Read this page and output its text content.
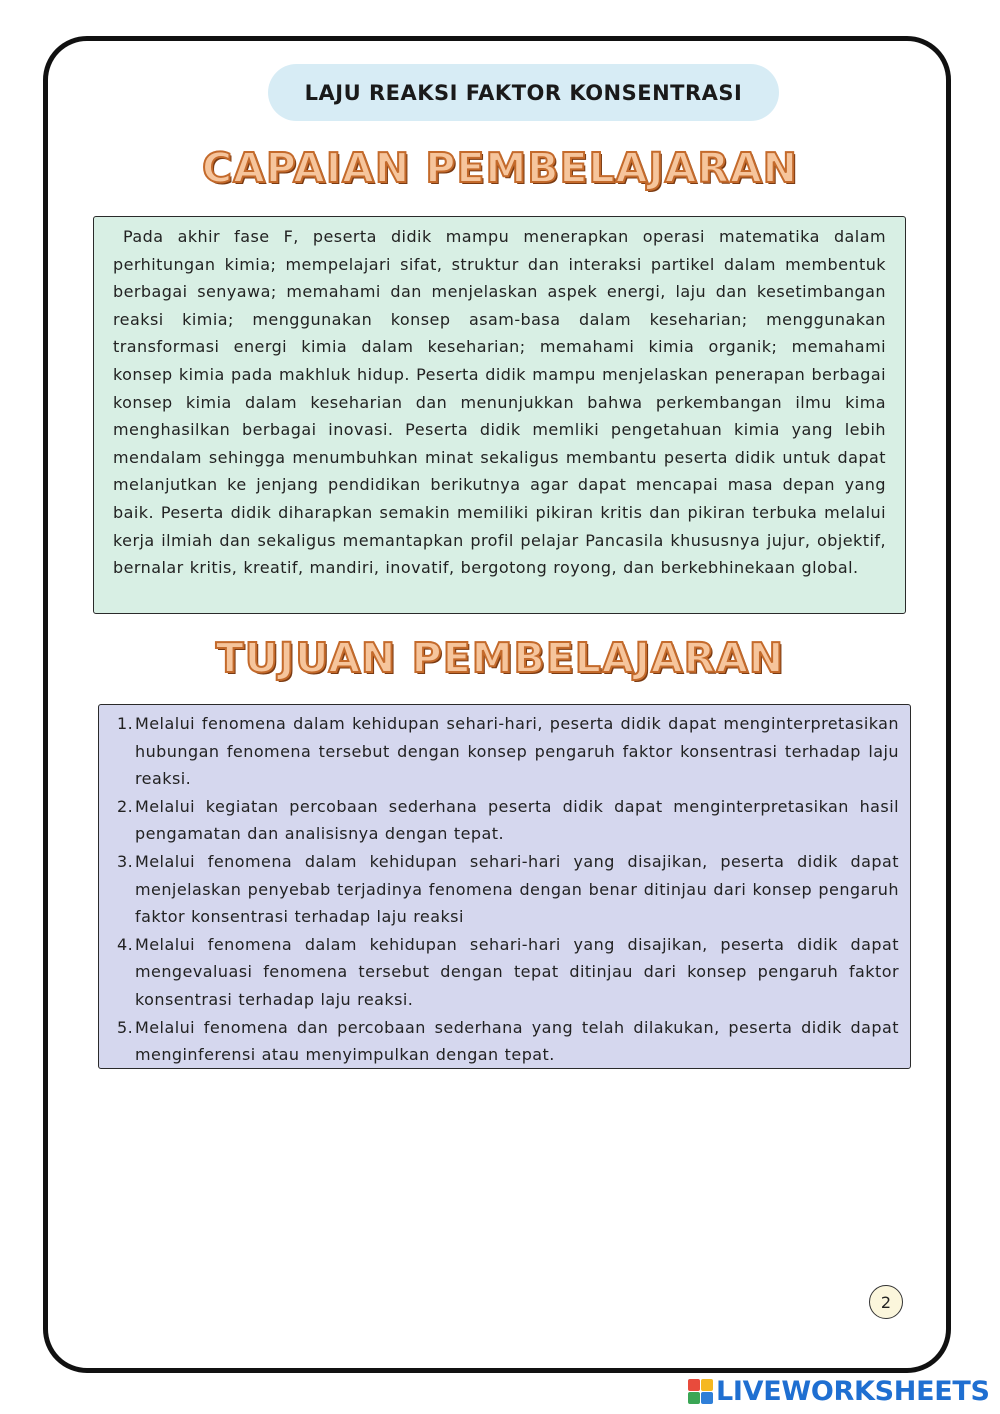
LAJU REAKSI FAKTOR KONSENTRASI
CAPAIAN PEMBELAJARAN

Pada akhir fase F, peserta didik mampu menerapkan operasi matematika dalam perhitungan kimia; mempelajari sifat, struktur dan interaksi partikel dalam membentuk berbagai senyawa; memahami dan menjelaskan aspek energi, laju dan kesetimbangan reaksi kimia; menggunakan konsep asam-basa dalam keseharian; menggunakan transformasi energi kimia dalam keseharian; memahami kimia organik; memahami konsep kimia pada makhluk hidup. Peserta didik mampu menjelaskan penerapan berbagai konsep kimia dalam keseharian dan menunjukkan bahwa perkembangan ilmu kima menghasilkan berbagai inovasi. Peserta didik memliki pengetahuan kimia yang lebih mendalam sehingga menumbuhkan minat sekaligus membantu peserta didik untuk dapat melanjutkan ke jenjang pendidikan berikutnya agar dapat mencapai masa depan yang baik. Peserta didik diharapkan semakin memiliki pikiran kritis dan pikiran terbuka melalui kerja ilmiah dan sekaligus memantapkan profil pelajar Pancasila khususnya jujur, objektif, bernalar kritis, kreatif, mandiri, inovatif, bergotong royong, dan berkebhinekaan global.

TUJUAN PEMBELAJARAN
1. Melalui fenomena dalam kehidupan sehari-hari, peserta didik dapat menginterpretasikan hubungan fenomena tersebut dengan konsep pengaruh faktor konsentrasi terhadap laju reaksi.
2. Melalui kegiatan percobaan sederhana peserta didik dapat menginterpretasikan hasil pengamatan dan analisisnya dengan tepat.
3. Melalui fenomena dalam kehidupan sehari-hari yang disajikan, peserta didik dapat menjelaskan penyebab terjadinya fenomena dengan benar ditinjau dari konsep pengaruh faktor konsentrasi terhadap laju reaksi
4. Melalui fenomena dalam kehidupan sehari-hari yang disajikan, peserta didik dapat mengevaluasi fenomena tersebut dengan tepat ditinjau dari konsep pengaruh faktor konsentrasi terhadap laju reaksi.
5. Melalui fenomena dan percobaan sederhana yang telah dilakukan, peserta didik dapat menginferensi atau menyimpulkan dengan tepat.
2
LIVEWORKSHEETS
